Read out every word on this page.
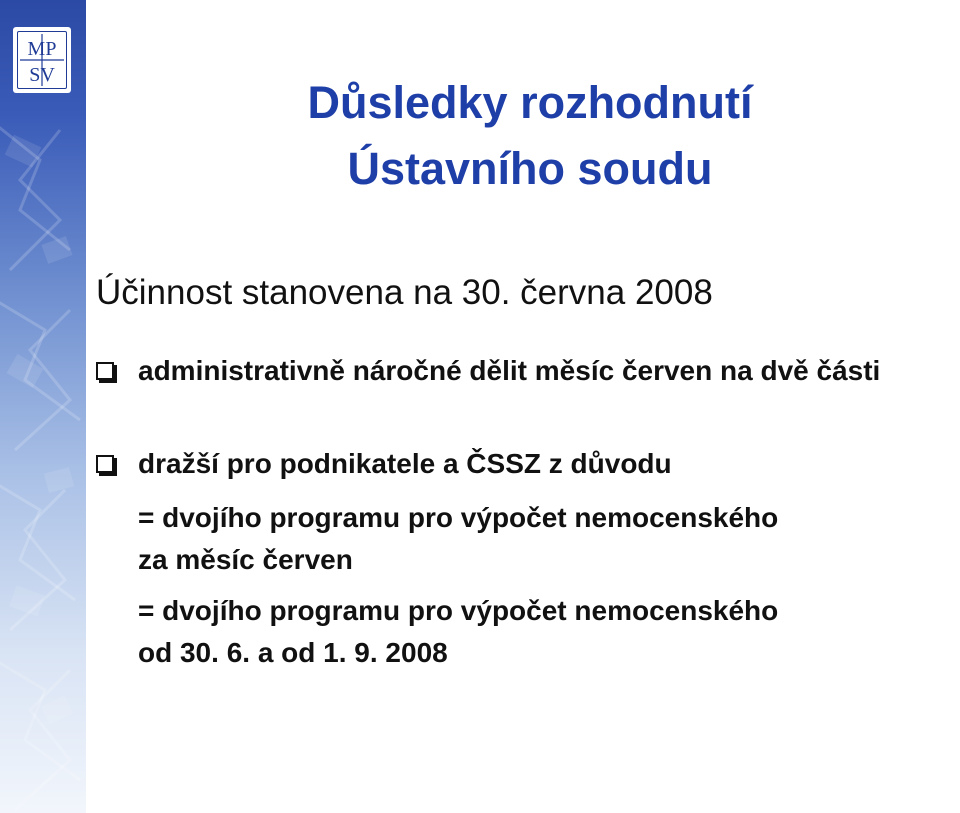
MP
SV
Důsledky rozhodnutí
Ústavního soudu
Účinnost stanovena na 30. června 2008
administrativně náročné dělit měsíc červen na dvě části
dražší pro podnikatele a ČSSZ z důvodu
= dvojího programu pro výpočet nemocenského
za měsíc červen
= dvojího programu pro výpočet nemocenského
od 30. 6. a od 1. 9. 2008
